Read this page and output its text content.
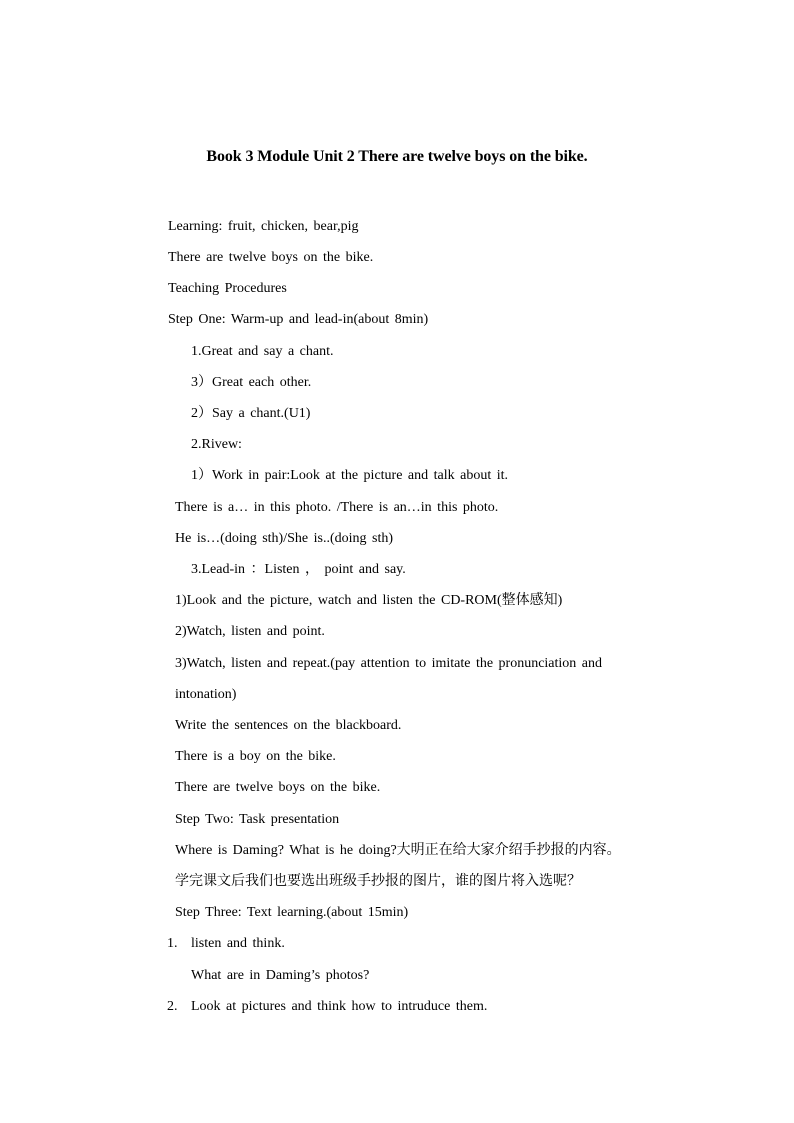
Book 3 Module Unit 2 There are twelve boys on the bike.
Learning: fruit, chicken, bear,pig
There are twelve boys on the bike.
Teaching Procedures
Step One: Warm-up and lead-in(about 8min)
1.Great and say a chant.
3）Great each other.
2）Say a chant.(U1)
2.Rivew:
1）Work in pair:Look at the picture and talk about it.
There is a… in this photo. /There is an…in this photo.
He is…(doing sth)/She is..(doing sth)
3.Lead-in ：Listen ， point and say.
1)Look and the picture, watch and listen the CD-ROM(整体感知)
2)Watch, listen and point.
3)Watch, listen and repeat.(pay attention to imitate the pronunciation and
intonation)
Write the sentences on the blackboard.
There is a boy on the bike.
There are twelve boys on the bike.
Step Two: Task presentation
Where is Daming? What is he doing?大明正在给大家介绍手抄报的内容。
学完课文后我们也要选出班级手抄报的图片，谁的图片将入选呢？
Step Three: Text learning.(about 15min)
1. listen and think.
What are in Daming’s photos?
2. Look at pictures and think how to intruduce them.
